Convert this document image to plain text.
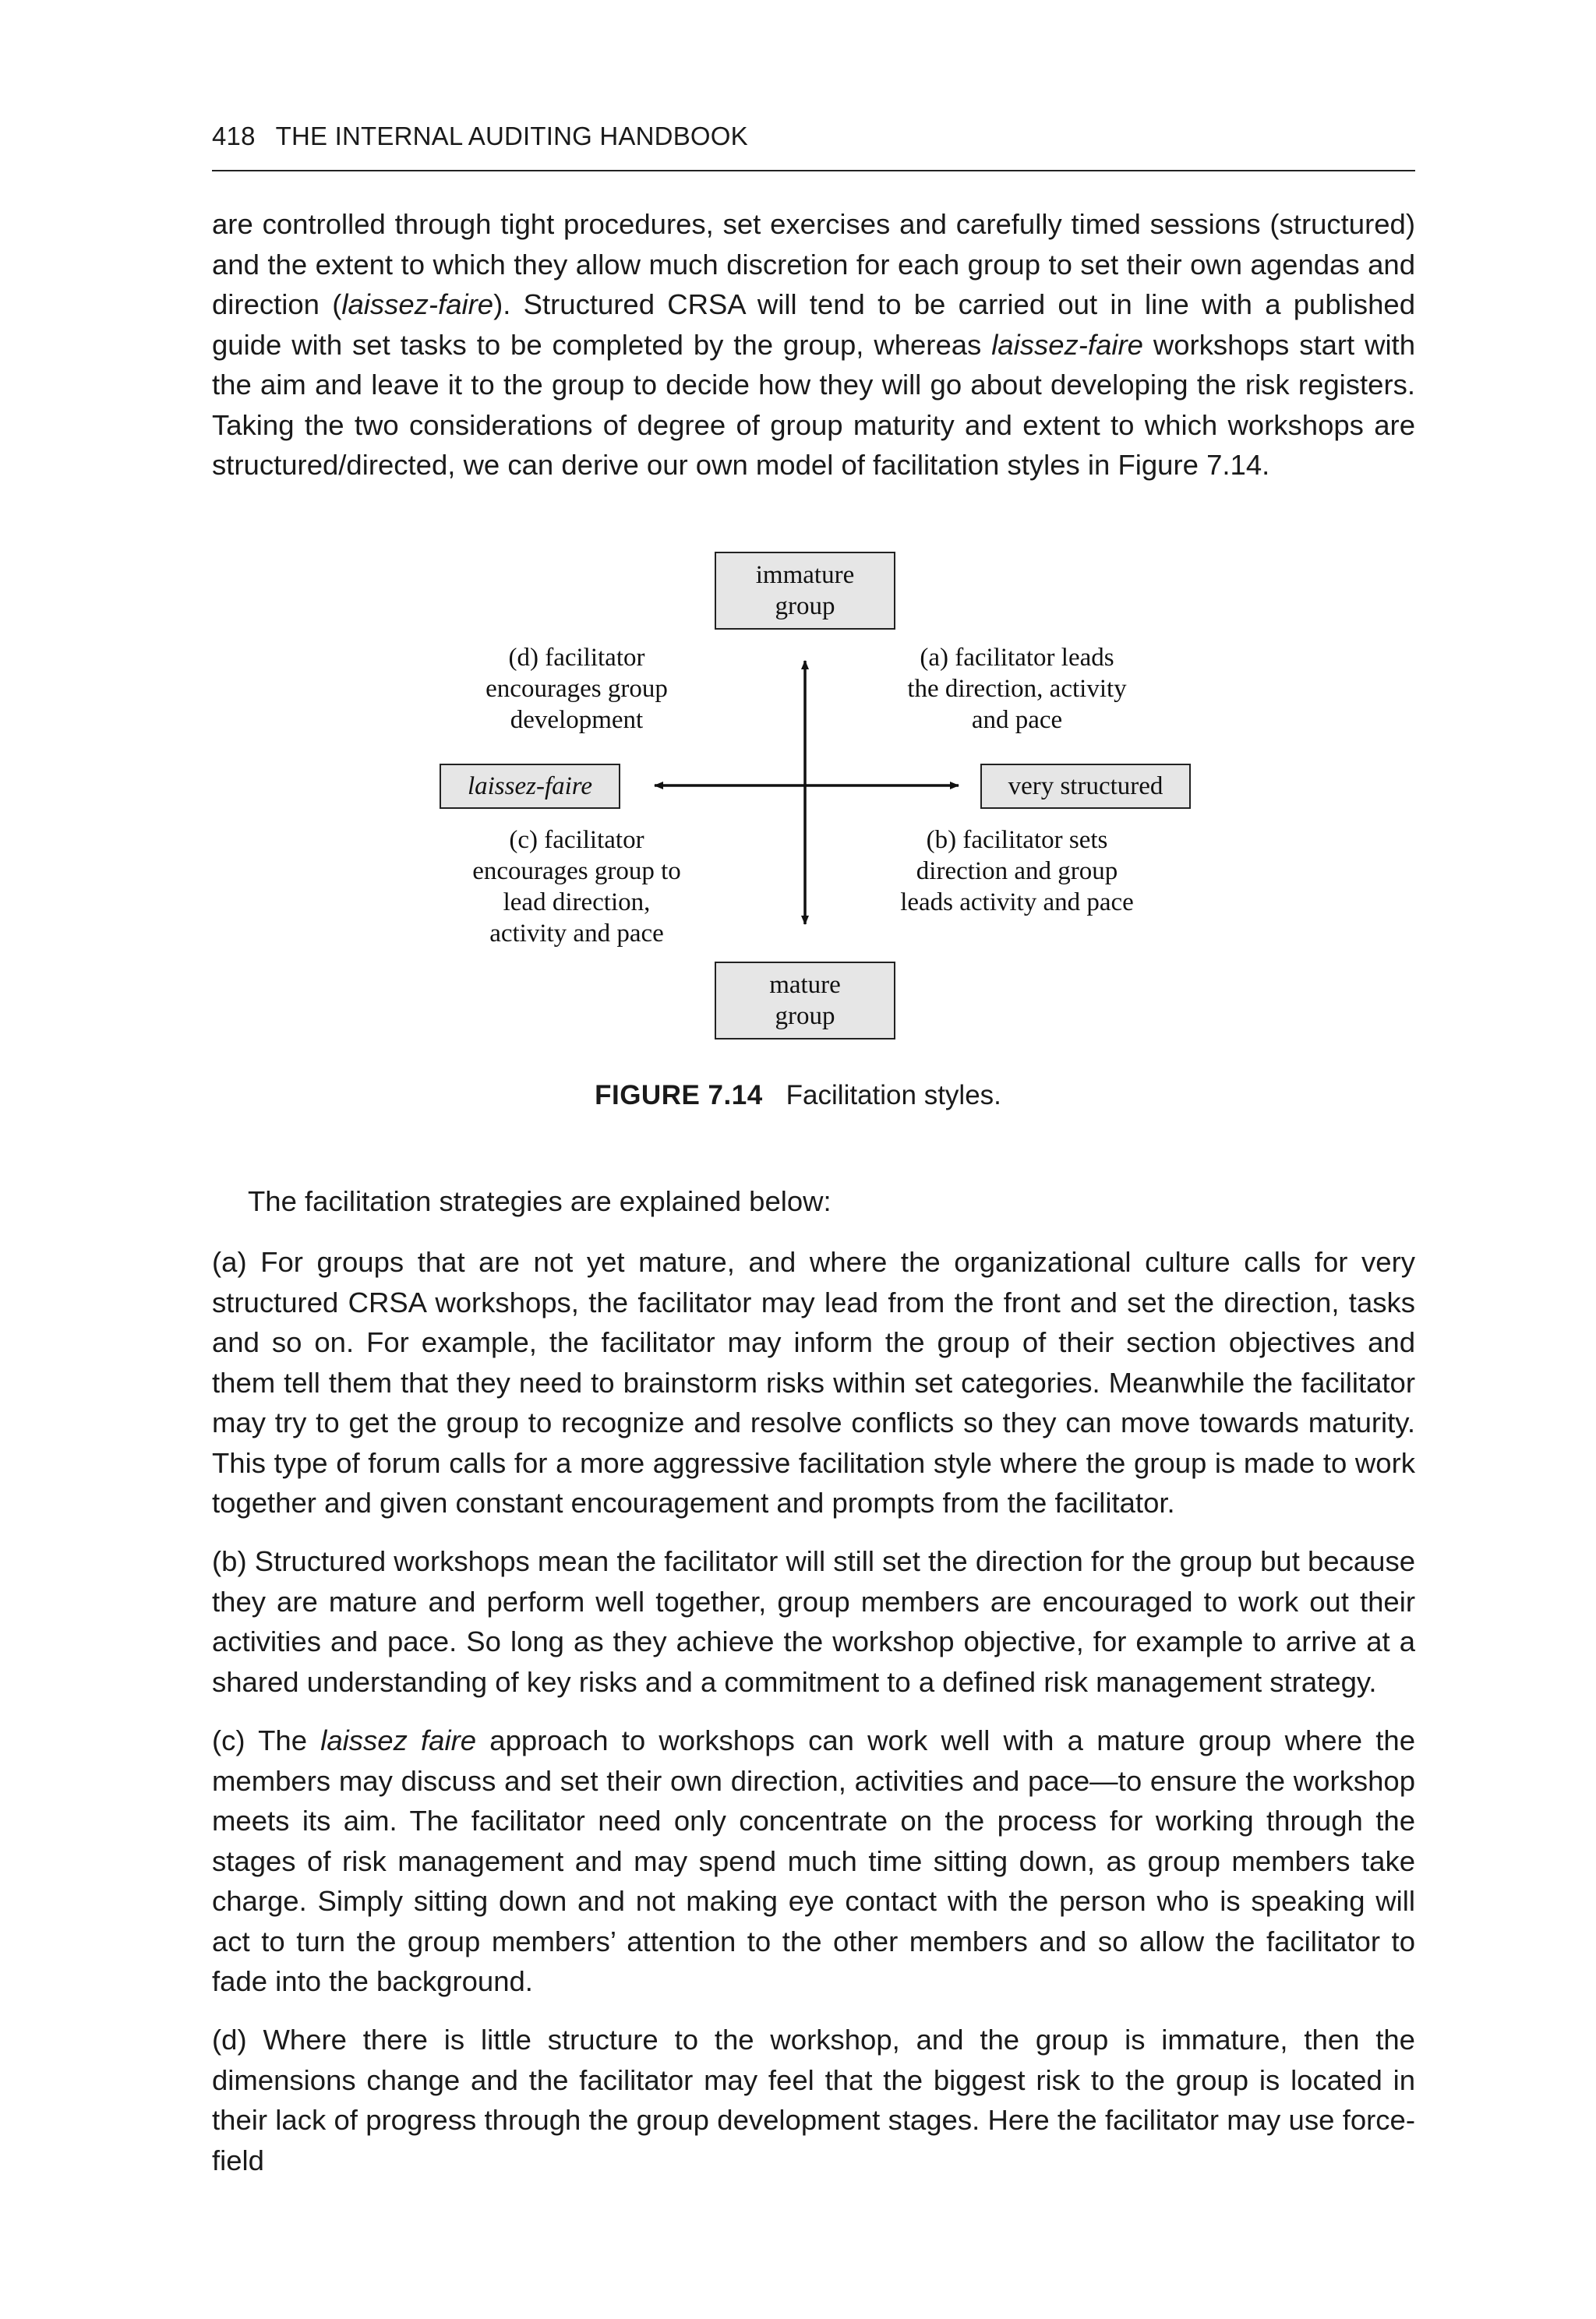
418 THE INTERNAL AUDITING HANDBOOK

are controlled through tight procedures, set exercises and carefully timed sessions (structured) and the extent to which they allow much discretion for each group to set their own agendas and direction (laissez-faire). Structured CRSA will tend to be carried out in line with a published guide with set tasks to be completed by the group, whereas laissez-faire workshops start with the aim and leave it to the group to decide how they will go about developing the risk registers. Taking the two considerations of degree of group maturity and extent to which workshops are structured/directed, we can derive our own model of facilitation styles in Figure 7.14.

immature
group
mature
group
laissez-faire	very structured
(d) facilitator
encourages group
development
(a) facilitator leads
the direction, activity
and pace
(c) facilitator
encourages group to
lead direction,
activity and pace
(b) facilitator sets
direction and group
leads activity and pace
FIGURE 7.14 Facilitation styles.

The facilitation strategies are explained below:

(a) For groups that are not yet mature, and where the organizational culture calls for very structured CRSA workshops, the facilitator may lead from the front and set the direction, tasks and so on. For example, the facilitator may inform the group of their section objectives and them tell them that they need to brainstorm risks within set categories. Meanwhile the facilitator may try to get the group to recognize and resolve conflicts so they can move towards maturity. This type of forum calls for a more aggressive facilitation style where the group is made to work together and given constant encouragement and prompts from the facilitator.

(b) Structured workshops mean the facilitator will still set the direction for the group but because they are mature and perform well together, group members are encouraged to work out their activities and pace. So long as they achieve the workshop objective, for example to arrive at a shared understanding of key risks and a commitment to a defined risk management strategy.

(c) The laissez faire approach to workshops can work well with a mature group where the members may discuss and set their own direction, activities and pace—to ensure the workshop meets its aim. The facilitator need only concentrate on the process for working through the stages of risk management and may spend much time sitting down, as group members take charge. Simply sitting down and not making eye contact with the person who is speaking will act to turn the group members’ attention to the other members and so allow the facilitator to fade into the background.

(d) Where there is little structure to the workshop, and the group is immature, then the dimensions change and the facilitator may feel that the biggest risk to the group is located in their lack of progress through the group development stages. Here the facilitator may use force-field
